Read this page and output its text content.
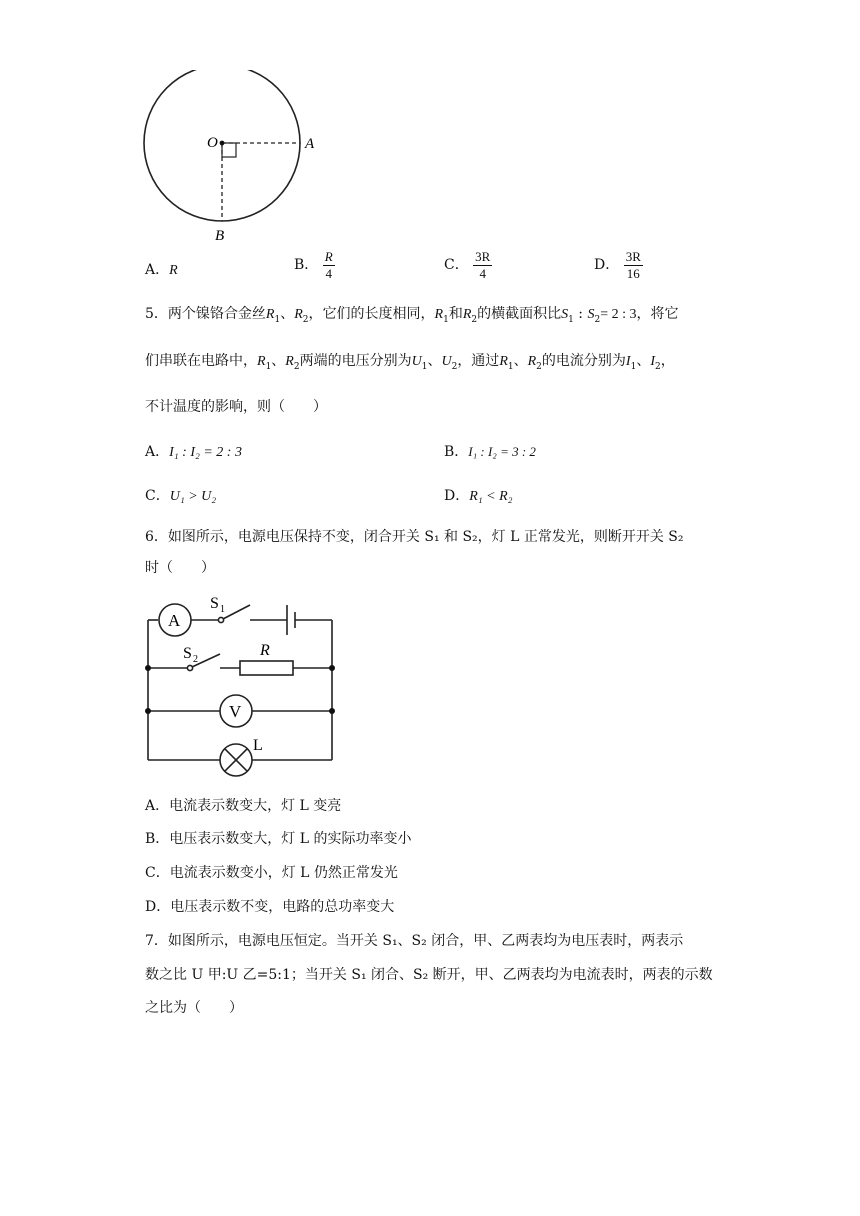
O	A
B
A．R	B． $\frac{R}{4}$	C． $\frac{3R}{4}$	D． $\frac{3R}{16}$
5．两个镍铬合金丝$R_1$、$R_2$，它们的长度相同，$R_1$和$R_2$的横截面积比$S_1$ : $S_2= 2$ : 3，将它
们串联在电路中，$R_1$、$R_2$两端的电压分别为$U_1$、$U_2$，通过$R_1$、$R_2$的电流分别为$I_1$、$I_2$，
不计温度的影响，则（　　）
A．I₁ : I₂ = 2 : 3	B．I₁ : I₂ = 3 : 2
C．U₁ > U₂	D．R₁ < R₂
6．如图所示，电源电压保持不变，闭合开关 S₁ 和 S₂，灯 L 正常发光，则断开开关 S₂
时（　　）
A
V
S 1
S 2
R
L
A．电流表示数变大，灯 L 变亮
B．电压表示数变大，灯 L 的实际功率变小
C．电流表示数变小，灯 L 仍然正常发光
D．电压表示数不变，电路的总功率变大
7．如图所示，电源电压恒定。当开关 S₁、S₂ 闭合，甲、乙两表均为电压表时，两表示
数之比 U 甲:U 乙=5:1；当开关 S₁ 闭合、S₂ 断开，甲、乙两表均为电流表时，两表的示数
之比为（　　）
